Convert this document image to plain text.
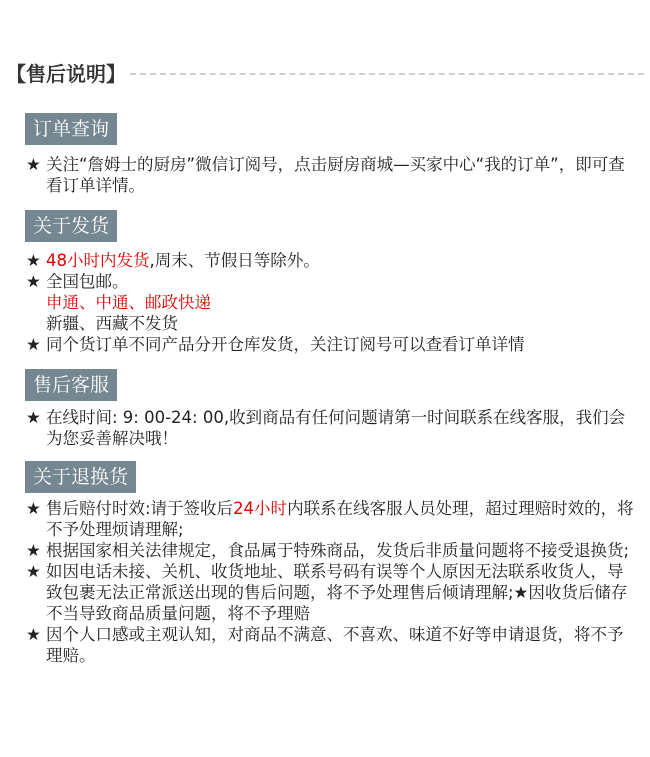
【售后说明】
订单查询
★ 关注“詹姆士的厨房”微信订阅号，点击厨房商城—买家中心“我的订单”，即可查看订单详情。
关于发货
★ 48小时内发货,周末、节假日等除外。
★ 全国包邮。
申通、中通、邮政快递
新疆、西藏不发货
★ 同个货订单不同产品分开仓库发货，关注订阅号可以查看订单详情
售后客服
★ 在线时间: 9: 00-24: 00,收到商品有任何问题请第一时间联系在线客服，我们会为您妥善解决哦！
关于退换货
★ 售后赔付时效:请于签收后24小时内联系在线客服人员处理，超过理赔时效的，将不予处理烦请理解;
★ 根据国家相关法律规定，食品属于特殊商品，发货后非质量问题将不接受退换货;
★ 如因电话未接、关机、收货地址、联系号码有误等个人原因无法联系收货人，导致包裹无法正常派送出现的售后问题，将不予处理售后倾请理解;★因收货后储存不当导致商品质量问题，将不予理赔
★ 因个人口感或主观认知，对商品不满意、不喜欢、味道不好等申请退货，将不予理赔。
